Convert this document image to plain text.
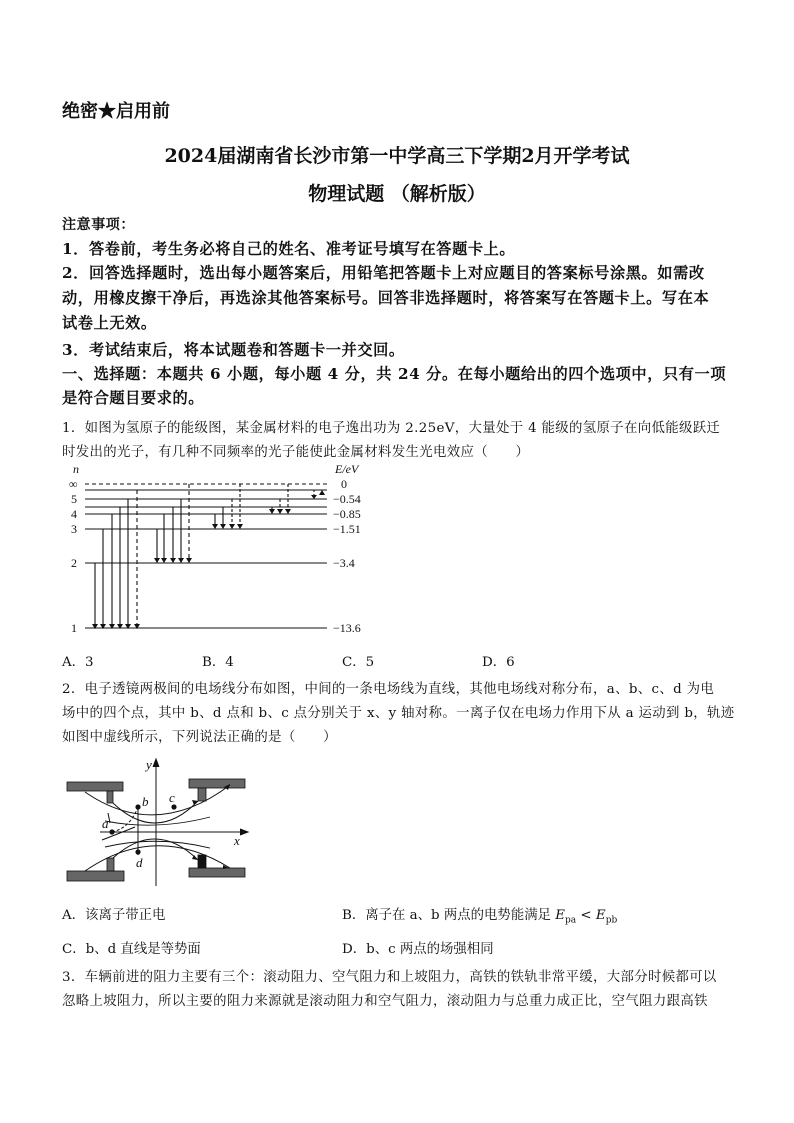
绝密★启用前
2024届湖南省长沙市第一中学高三下学期2月开学考试
物理试题 （解析版）
注意事项：
1．答卷前，考生务必将自己的姓名、准考证号填写在答题卡上。
2．回答选择题时，选出每小题答案后，用铅笔把答题卡上对应题目的答案标号涂黑。如需改
动，用橡皮擦干净后，再选涂其他答案标号。回答非选择题时，将答案写在答题卡上。写在本
试卷上无效。
3．考试结束后，将本试题卷和答题卡一并交回。
一、选择题：本题共 6 小题，每小题 4 分，共 24 分。在每小题给出的四个选项中，只有一项
是符合题目要求的。
1．如图为氢原子的能级图，某金属材料的电子逸出功为 2.25eV，大量处于 4 能级的氢原子在向低能级跃迁
时发出的光子，有几种不同频率的光子能使此金属材料发生光电效应（　　）
n
∞
5
4
3
2
1
E/eV
0
−0.54
−0.85
−1.51
−3.4
−13.6
A．3	B．4	C．5	D．6
2．电子透镜两极间的电场线分布如图，中间的一条电场线为直线，其他电场线对称分布，a、b、c、d 为电
场中的四个点，其中 b、d 点和 b、c 点分别关于 x、y 轴对称。一离子仅在电场力作用下从 a 运动到 b，轨迹
如图中虚线所示，下列说法正确的是（　　）
y
x
a
b c
d
A．该离子带正电	B．离子在 a、b 两点的电势能满足 $E_{pa} < E_{pb}$
C．b、d 直线是等势面	D．b、c 两点的场强相同
3．车辆前进的阻力主要有三个：滚动阻力、空气阻力和上坡阻力，高铁的铁轨非常平缓，大部分时候都可以
忽略上坡阻力，所以主要的阻力来源就是滚动阻力和空气阻力，滚动阻力与总重力成正比，空气阻力跟高铁
